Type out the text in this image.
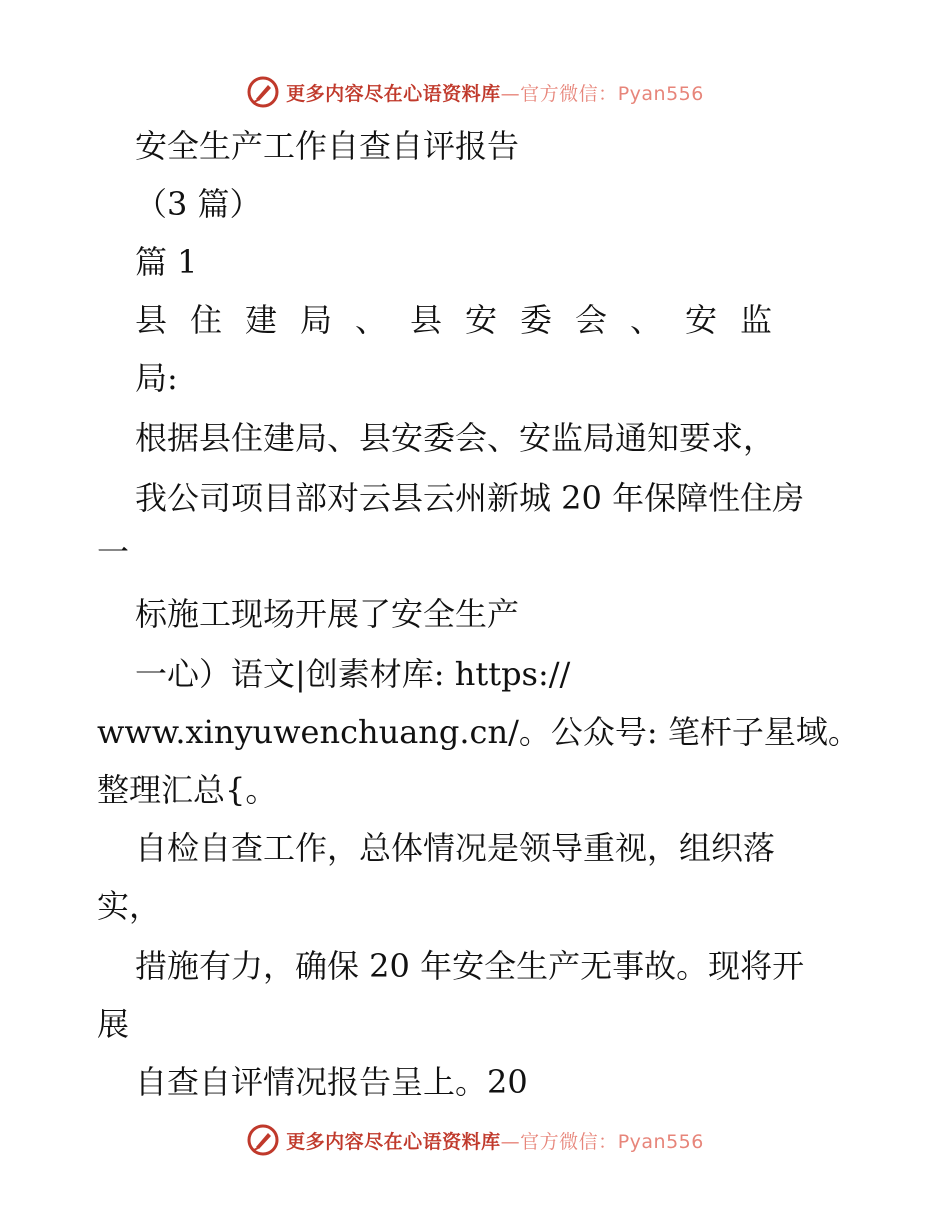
更多内容尽在心语资料库—官方微信：Pyan556
安全生产工作自查自评报告
（3 篇）
篇 1
县住建局、县安委会、安监
局:
根据县住建局、县安委会、安监局通知要求，
我公司项目部对云县云州新城 20 年保障性住房
一
标施工现场开展了安全生产
一心）语文|创素材库: https://
www.xinyuwenchuang.cn/。公众号: 笔杆子星域。
整理汇总{。
自检自查工作，总体情况是领导重视，组织落
实，
措施有力，确保 20 年安全生产无事故。现将开
展
自查自评情况报告呈上。20
更多内容尽在心语资料库—官方微信：Pyan556
